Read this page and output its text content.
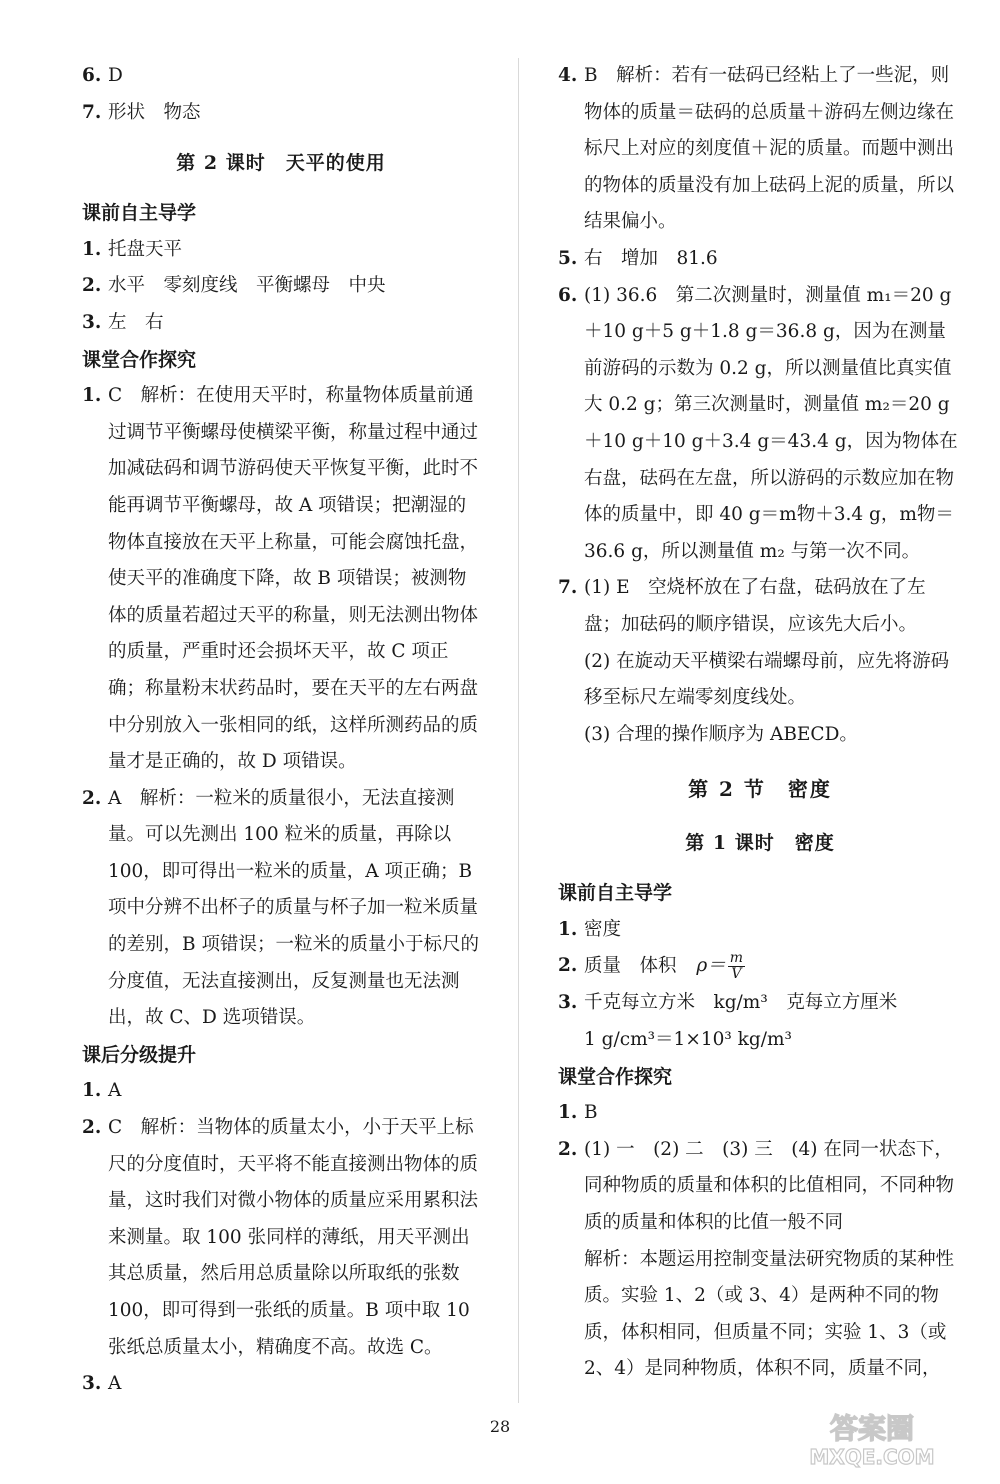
6. D

7. 形状　物态

第 2 课时　天平的使用

课前自主导学

1. 托盘天平

2. 水平　零刻度线　平衡螺母　中央

3. 左　右

课堂合作探究

1. C　解析：在使用天平时，称量物体质量前通过调节平衡螺母使横梁平衡，称量过程中通过加减砝码和调节游码使天平恢复平衡，此时不能再调节平衡螺母，故 A 项错误；把潮湿的物体直接放在天平上称量，可能会腐蚀托盘，使天平的准确度下降，故 B 项错误；被测物体的质量若超过天平的称量，则无法测出物体的质量，严重时还会损坏天平，故 C 项正确；称量粉末状药品时，要在天平的左右两盘中分别放入一张相同的纸，这样所测药品的质量才是正确的，故 D 项错误。

2. A　解析：一粒米的质量很小，无法直接测量。可以先测出 100 粒米的质量，再除以 100，即可得出一粒米的质量，A 项正确；B 项中分辨不出杯子的质量与杯子加一粒米质量的差别，B 项错误；一粒米的质量小于标尺的分度值，无法直接测出，反复测量也无法测出，故 C、D 选项错误。

课后分级提升

1. A

2. C　解析：当物体的质量太小，小于天平上标尺的分度值时，天平将不能直接测出物体的质量，这时我们对微小物体的质量应采用累积法来测量。取 100 张同样的薄纸，用天平测出其总质量，然后用总质量除以所取纸的张数 100，即可得到一张纸的质量。B 项中取 10 张纸总质量太小，精确度不高。故选 C。

3. A

4. B　解析：若有一砝码已经粘上了一些泥，则物体的质量＝砝码的总质量＋游码左侧边缘在标尺上对应的刻度值＋泥的质量。而题中测出的物体的质量没有加上砝码上泥的质量，所以结果偏小。

5. 右　增加　81.6

6. (1) 36.6　第二次测量时，测量值 m₁＝20 g＋10 g＋5 g＋1.8 g＝36.8 g，因为在测量前游码的示数为 0.2 g，所以测量值比真实值大 0.2 g；第三次测量时，测量值 m₂＝20 g＋10 g＋10 g＋3.4 g＝43.4 g，因为物体在右盘，砝码在左盘，所以游码的示数应加在物体的质量中，即 40 g＝m物＋3.4 g，m物＝36.6 g，所以测量值 m₂ 与第一次不同。

7. (1) E　空烧杯放在了右盘，砝码放在了左盘；加砝码的顺序错误，应该先大后小。
(2) 在旋动天平横梁右端螺母前，应先将游码移至标尺左端零刻度线处。
(3) 合理的操作顺序为 ABECD。

第 2 节　密度
第 1 课时　密度

课前自主导学

1. 密度

2. 质量　体积 $\rho= \frac{m}{V}$

3. 千克每立方米　kg/m³　克每立方厘米
1 g/cm³＝1×10³ kg/m³

课堂合作探究

1. B

2. (1) 一　(2) 二　(3) 三　(4) 在同一状态下，同种物质的质量和体积的比值相同，不同种物质的质量和体积的比值一般不同
解析：本题运用控制变量法研究物质的某种性质。实验 1、2（或 3、4）是两种不同的物质，体积相同，但质量不同；实验 1、3（或 2、4）是同种物质，体积不同，质量不同，

28	答案圈
MXQE.COM
